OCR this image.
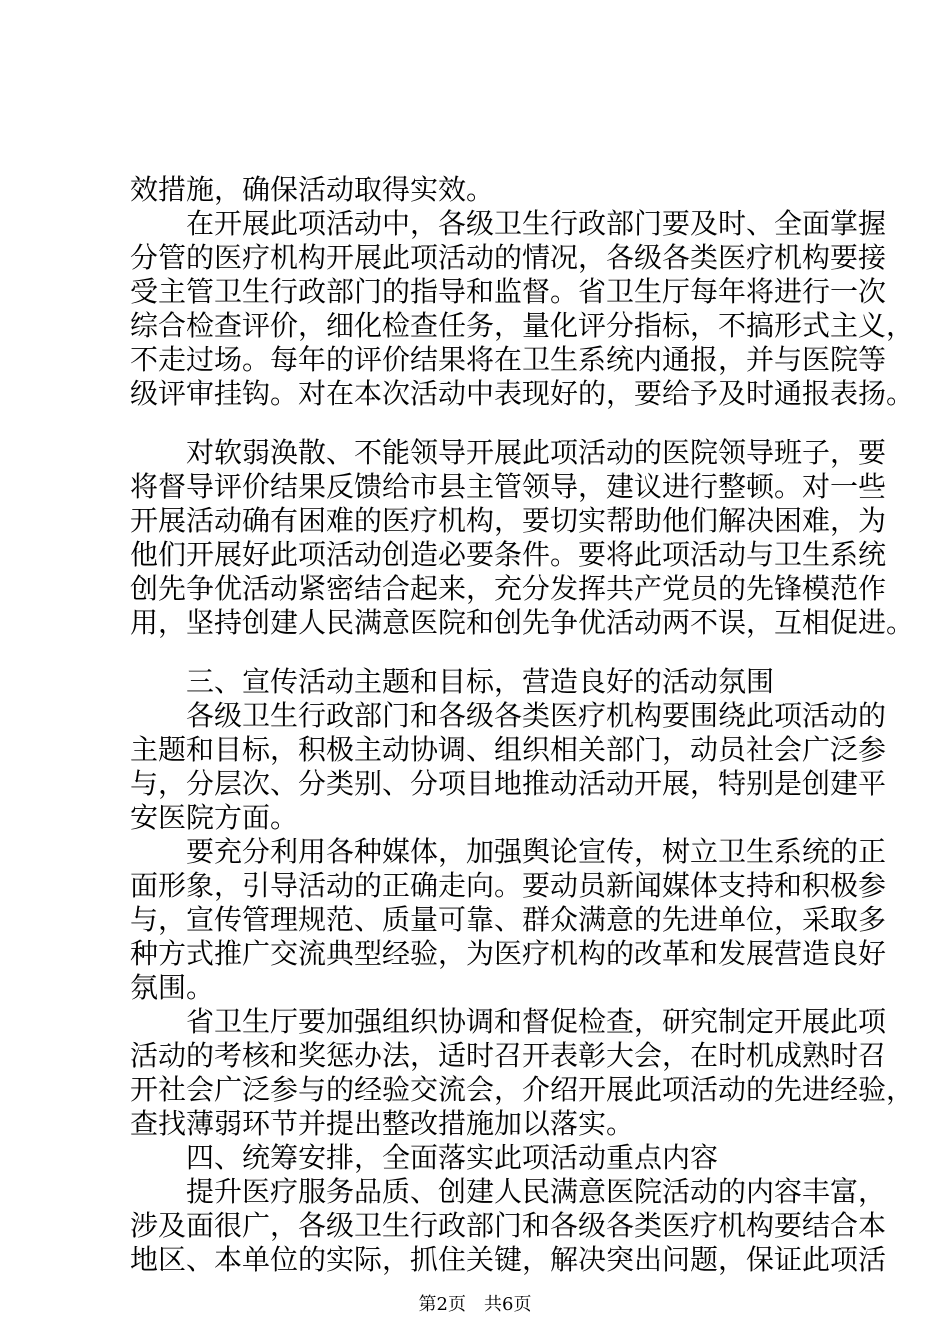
效措施，确保活动取得实效。
　　在开展此项活动中，各级卫生行政部门要及时、全面掌握
分管的医疗机构开展此项活动的情况，各级各类医疗机构要接
受主管卫生行政部门的指导和监督。省卫生厅每年将进行一次
综合检查评价，细化检查任务，量化评分指标，不搞形式主义，
不走过场。每年的评价结果将在卫生系统内通报，并与医院等
级评审挂钩。对在本次活动中表现好的，要给予及时通报表扬。
　　对软弱涣散、不能领导开展此项活动的医院领导班子，要
将督导评价结果反馈给市县主管领导，建议进行整顿。对一些
开展活动确有困难的医疗机构，要切实帮助他们解决困难，为
他们开展好此项活动创造必要条件。要将此项活动与卫生系统
创先争优活动紧密结合起来，充分发挥共产党员的先锋模范作
用，坚持创建人民满意医院和创先争优活动两不误，互相促进。
　　三、宣传活动主题和目标，营造良好的活动氛围
　　各级卫生行政部门和各级各类医疗机构要围绕此项活动的
主题和目标，积极主动协调、组织相关部门，动员社会广泛参
与，分层次、分类别、分项目地推动活动开展，特别是创建平
安医院方面。
　　要充分利用各种媒体，加强舆论宣传，树立卫生系统的正
面形象，引导活动的正确走向。要动员新闻媒体支持和积极参
与，宣传管理规范、质量可靠、群众满意的先进单位，采取多
种方式推广交流典型经验，为医疗机构的改革和发展营造良好
氛围。
　　省卫生厅要加强组织协调和督促检查，研究制定开展此项
活动的考核和奖惩办法，适时召开表彰大会，在时机成熟时召
开社会广泛参与的经验交流会，介绍开展此项活动的先进经验，
查找薄弱环节并提出整改措施加以落实。
　　四、统筹安排，全面落实此项活动重点内容
　　提升医疗服务品质、创建人民满意医院活动的内容丰富，
涉及面很广，各级卫生行政部门和各级各类医疗机构要结合本
地区、本单位的实际，抓住关键，解决突出问题，保证此项活
第2页　共6页
